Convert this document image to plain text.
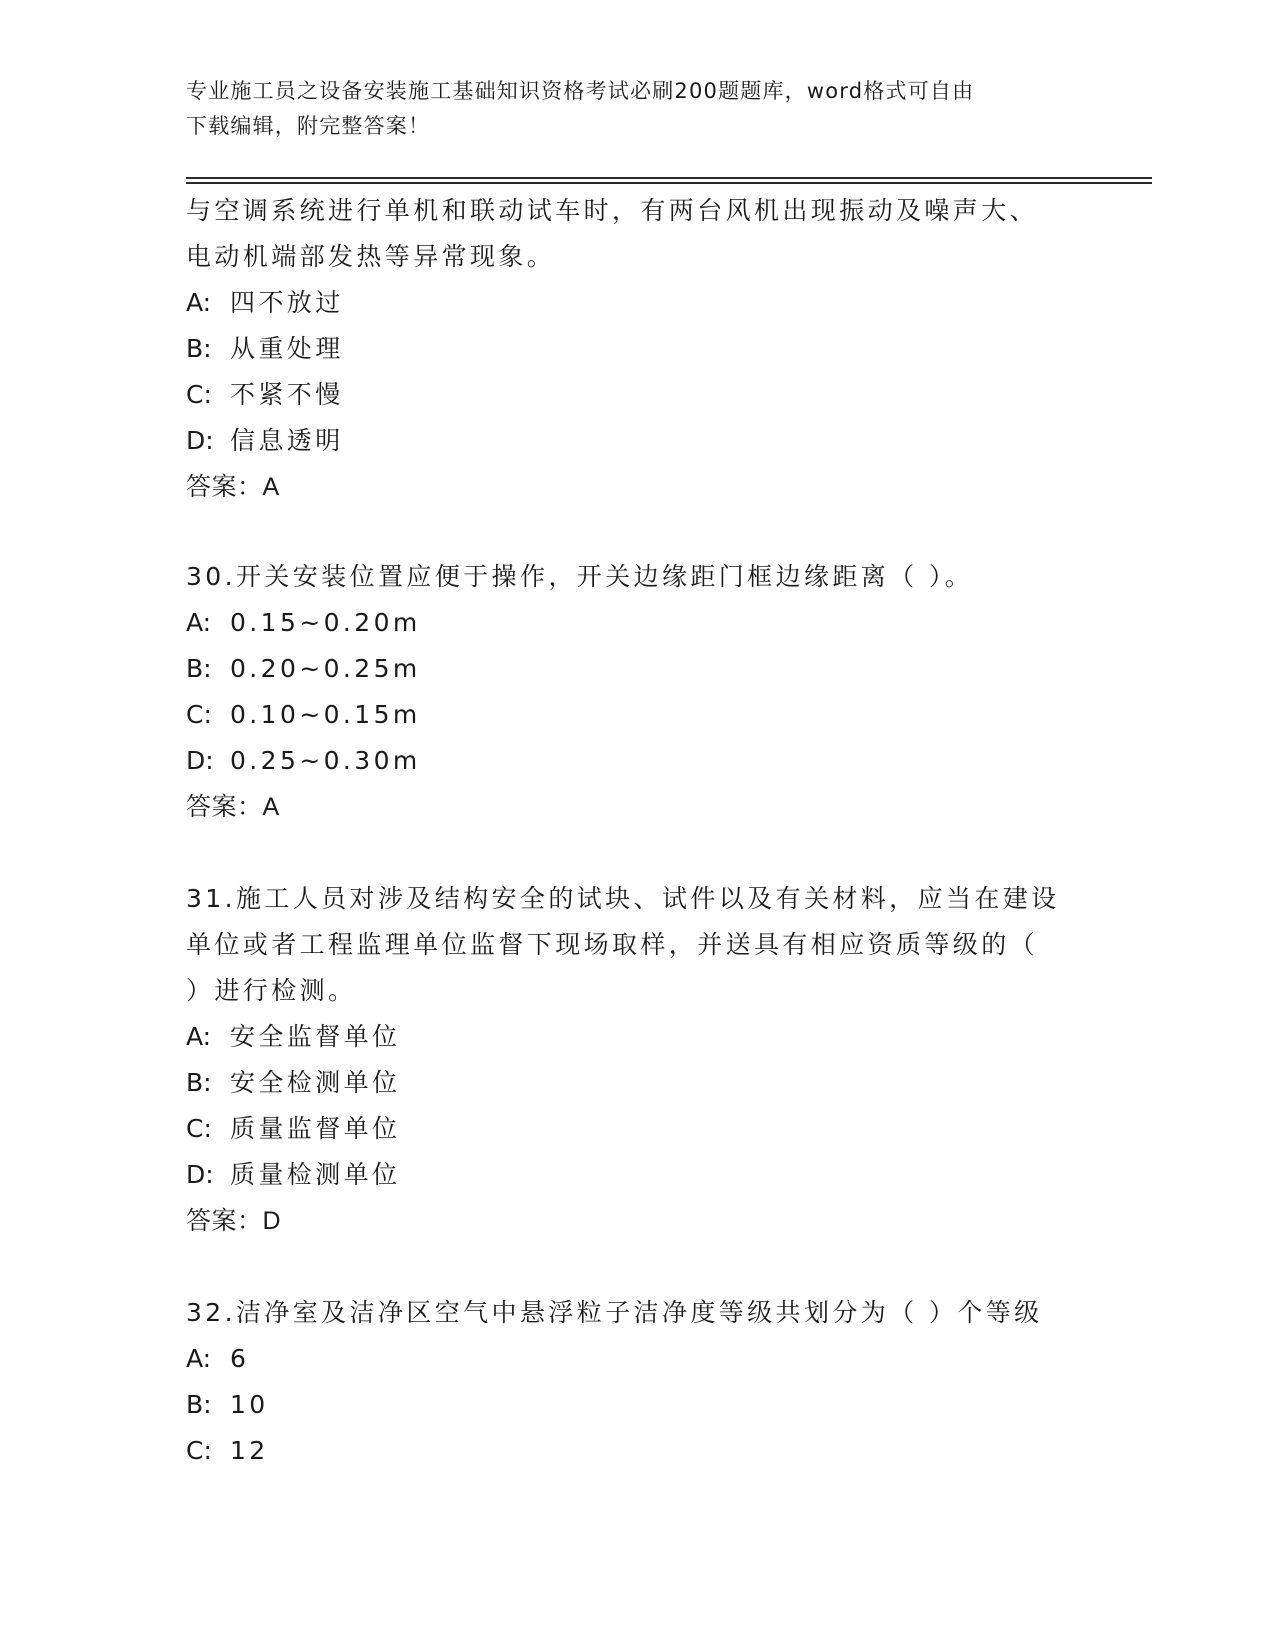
专业施工员之设备安装施工基础知识资格考试必刷200题题库，word格式可自由
下载编辑，附完整答案！
与空调系统进行单机和联动试车时，有两台风机出现振动及噪声大、
电动机端部发热等异常现象。
A: 四不放过
B: 从重处理
C: 不紧不慢
D: 信息透明
答案：A
30.开关安装位置应便于操作，开关边缘距门框边缘距离（ ）。
A: 0.15~0.20m
B: 0.20~0.25m
C: 0.10~0.15m
D: 0.25~0.30m
答案：A
31.施工人员对涉及结构安全的试块、试件以及有关材料，应当在建设
单位或者工程监理单位监督下现场取样，并送具有相应资质等级的（
）进行检测。
A: 安全监督单位
B: 安全检测单位
C: 质量监督单位
D: 质量检测单位
答案：D
32.洁净室及洁净区空气中悬浮粒子洁净度等级共划分为（ ）个等级
A: 6
B: 10
C: 12
